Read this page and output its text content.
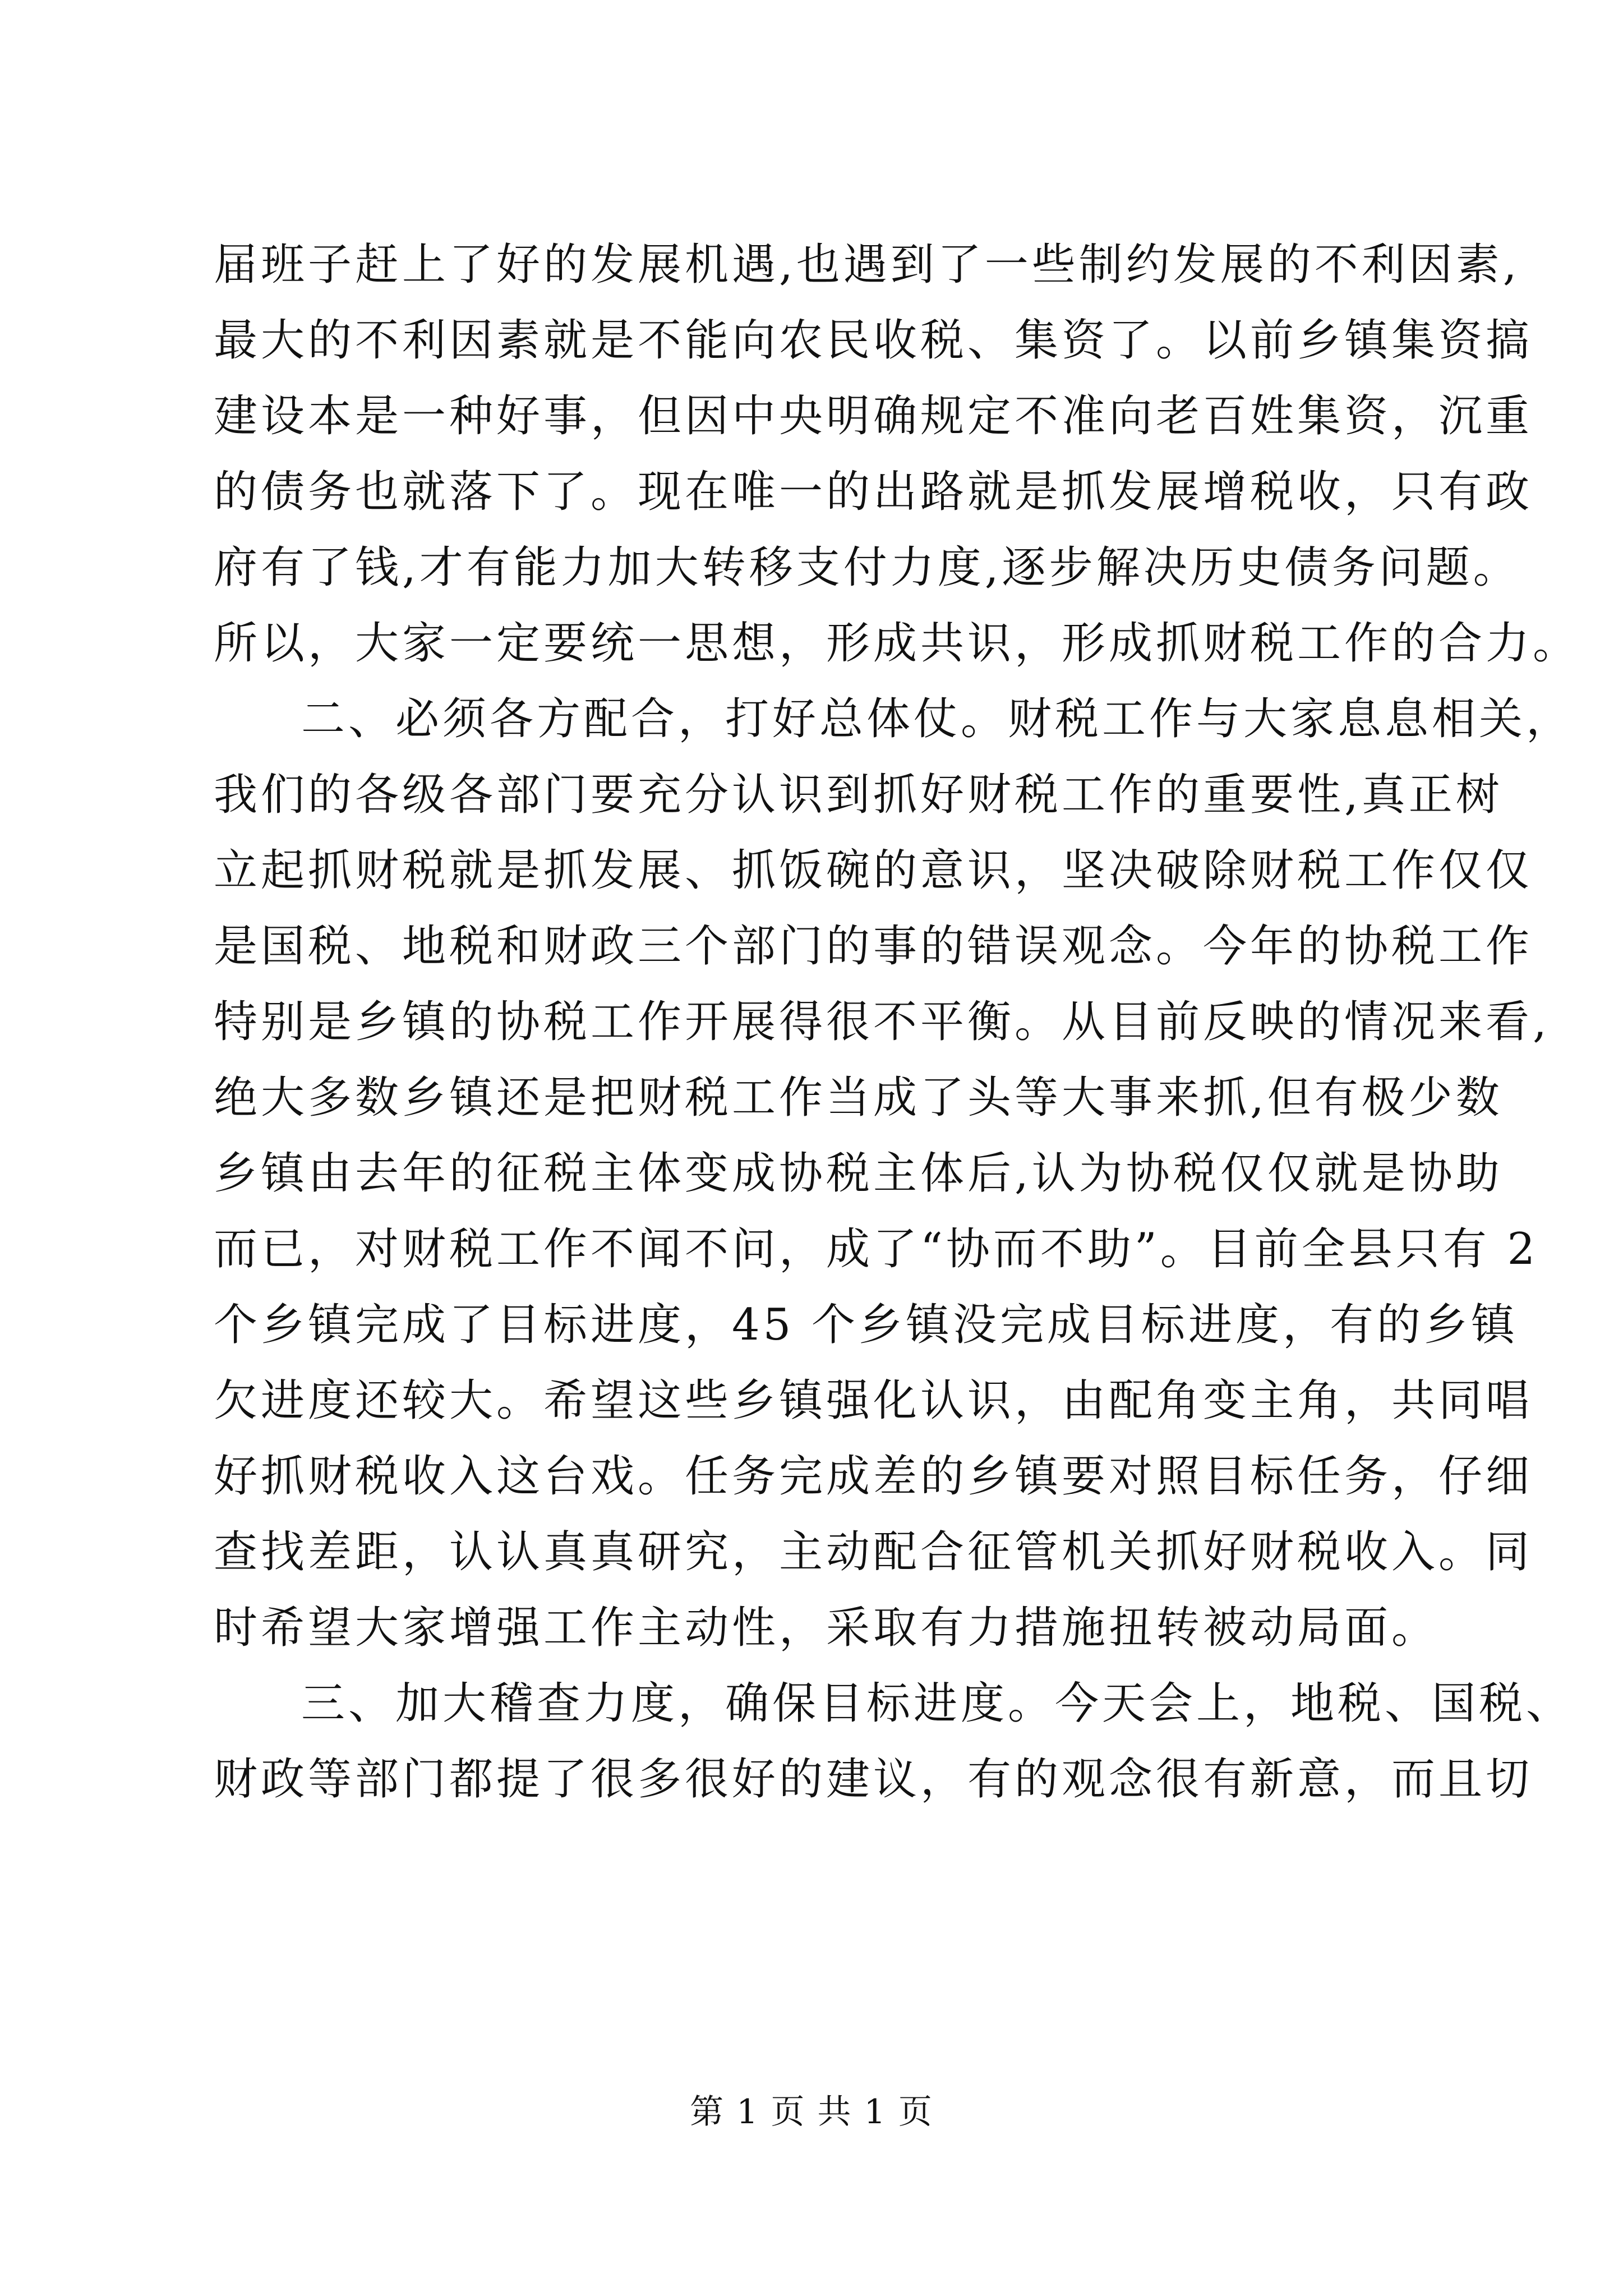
届班子赶上了好的发展机遇,也遇到了一些制约发展的不利因素,
最大的不利因素就是不能向农民收税、集资了。以前乡镇集资搞
建设本是一种好事，但因中央明确规定不准向老百姓集资，沉重
的债务也就落下了。现在唯一的出路就是抓发展增税收，只有政
府有了钱,才有能力加大转移支付力度,逐步解决历史债务问题。
所以，大家一定要统一思想，形成共识，形成抓财税工作的合力。
二、必须各方配合，打好总体仗。财税工作与大家息息相关，
我们的各级各部门要充分认识到抓好财税工作的重要性,真正树
立起抓财税就是抓发展、抓饭碗的意识，坚决破除财税工作仅仅
是国税、地税和财政三个部门的事的错误观念。今年的协税工作
特别是乡镇的协税工作开展得很不平衡。从目前反映的情况来看,
绝大多数乡镇还是把财税工作当成了头等大事来抓,但有极少数
乡镇由去年的征税主体变成协税主体后,认为协税仅仅就是协助
而已，对财税工作不闻不问，成了“协而不助”。目前全县只有 2
个乡镇完成了目标进度，45 个乡镇没完成目标进度，有的乡镇
欠进度还较大。希望这些乡镇强化认识，由配角变主角，共同唱
好抓财税收入这台戏。任务完成差的乡镇要对照目标任务，仔细
查找差距，认认真真研究，主动配合征管机关抓好财税收入。同
时希望大家增强工作主动性，采取有力措施扭转被动局面。
三、加大稽查力度，确保目标进度。今天会上，地税、国税、
财政等部门都提了很多很好的建议，有的观念很有新意，而且切
第 1 页 共 1 页
